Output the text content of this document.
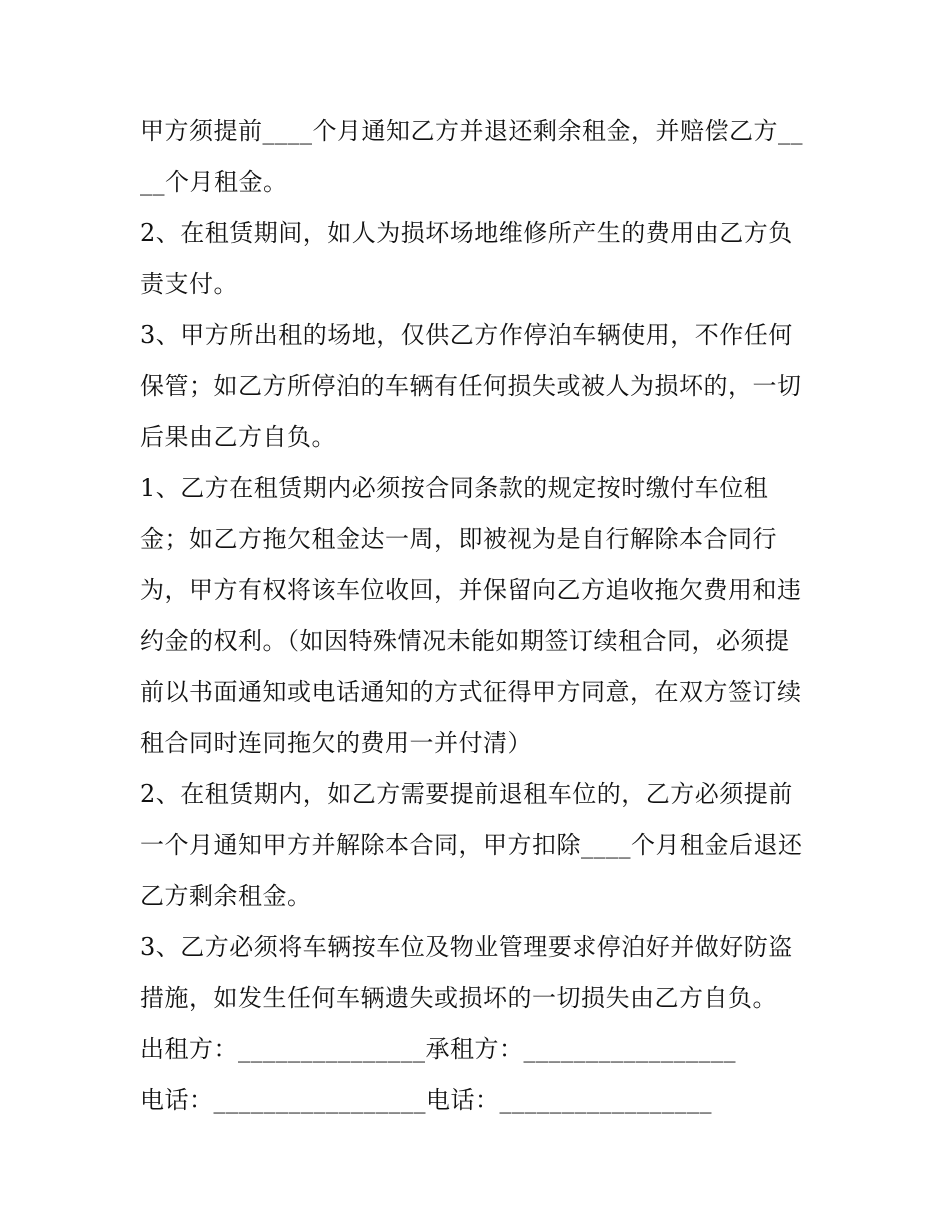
甲方须提前____个月通知乙方并退还剩余租金，并赔偿乙方____个月租金。

2、在租赁期间，如人为损坏场地维修所产生的费用由乙方负责支付。

3、甲方所出租的场地，仅供乙方作停泊车辆使用，不作任何保管；如乙方所停泊的车辆有任何损失或被人为损坏的，一切后果由乙方自负。

1、乙方在租赁期内必须按合同条款的规定按时缴付车位租金；如乙方拖欠租金达一周，即被视为是自行解除本合同行为，甲方有权将该车位收回，并保留向乙方追收拖欠费用和违约金的权利。（如因特殊情况未能如期签订续租合同，必须提前以书面通知或电话通知的方式征得甲方同意，在双方签订续租合同时连同拖欠的费用一并付清）

2、在租赁期内，如乙方需要提前退租车位的，乙方必须提前一个月通知甲方并解除本合同，甲方扣除____个月租金后退还乙方剩余租金。

3、乙方必须将车辆按车位及物业管理要求停泊好并做好防盗措施，如发生任何车辆遗失或损坏的一切损失由乙方自负。

出租方：_______________承租方：_________________

电话：_________________电话：_________________
